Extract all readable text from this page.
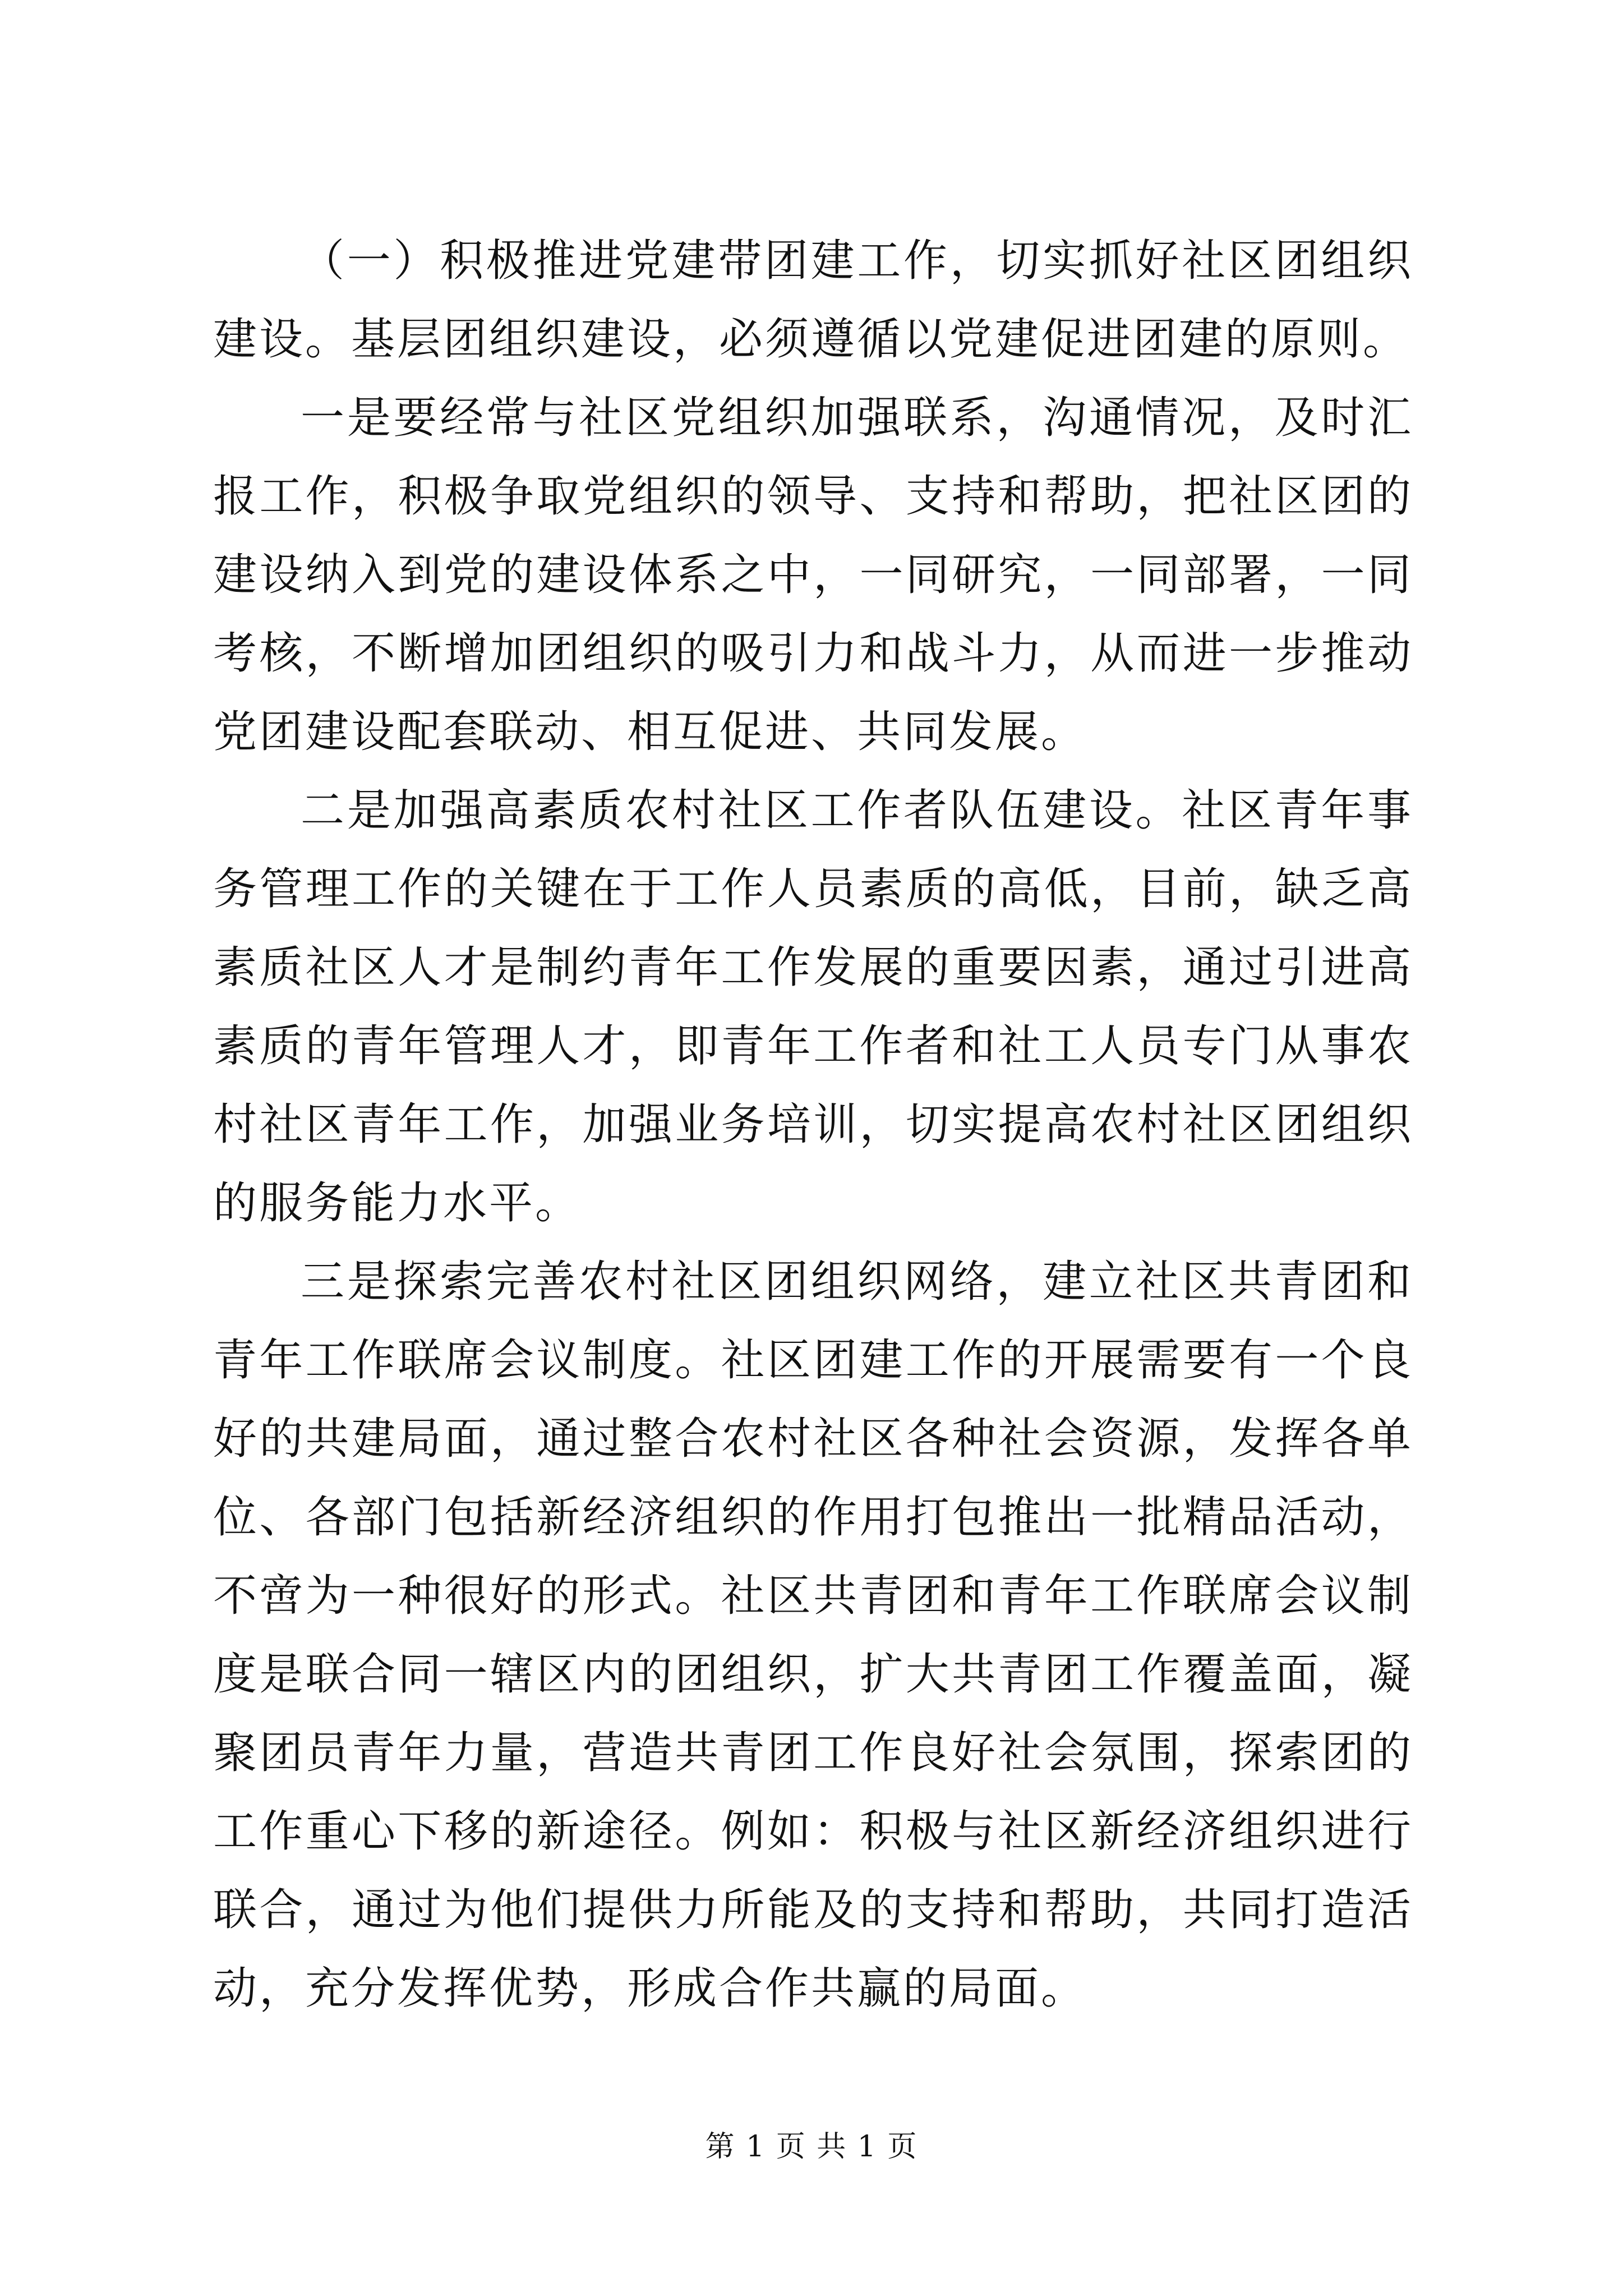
（一）积极推进党建带团建工作，切实抓好社区团组织建设。基层团组织建设，必须遵循以党建促进团建的原则。

一是要经常与社区党组织加强联系，沟通情况，及时汇报工作，积极争取党组织的领导、支持和帮助，把社区团的建设纳入到党的建设体系之中，一同研究，一同部署，一同考核，不断增加团组织的吸引力和战斗力，从而进一步推动党团建设配套联动、相互促进、共同发展。

二是加强高素质农村社区工作者队伍建设。社区青年事务管理工作的关键在于工作人员素质的高低，目前，缺乏高素质社区人才是制约青年工作发展的重要因素，通过引进高素质的青年管理人才，即青年工作者和社工人员专门从事农村社区青年工作，加强业务培训，切实提高农村社区团组织的服务能力水平。

三是探索完善农村社区团组织网络，建立社区共青团和青年工作联席会议制度。社区团建工作的开展需要有一个良好的共建局面，通过整合农村社区各种社会资源，发挥各单位、各部门包括新经济组织的作用打包推出一批精品活动，不啻为一种很好的形式。社区共青团和青年工作联席会议制度是联合同一辖区内的团组织，扩大共青团工作覆盖面，凝聚团员青年力量，营造共青团工作良好社会氛围，探索团的工作重心下移的新途径。例如：积极与社区新经济组织进行联合，通过为他们提供力所能及的支持和帮助，共同打造活动，充分发挥优势，形成合作共赢的局面。

第 1 页 共 1 页
